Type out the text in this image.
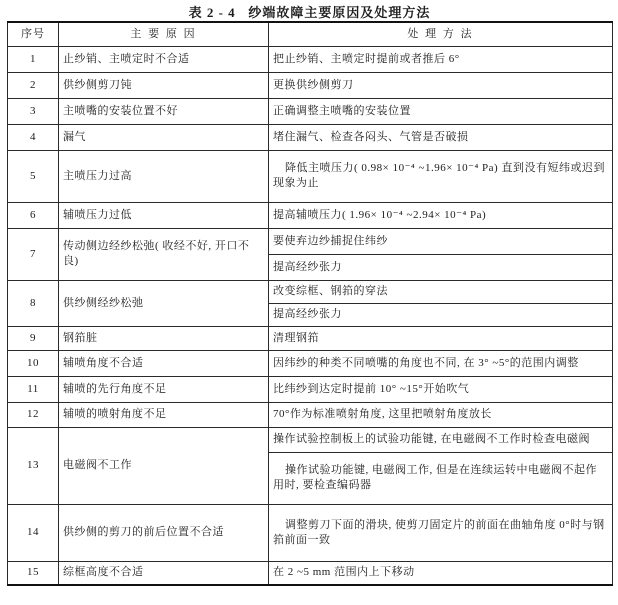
表 2 - 4   纱端故障主要原因及处理方法
序号	主 要 原 因	处 理 方 法
1	止纱销、主喷定时不合适	把止纱销、主喷定时提前或者推后 6°
2	供纱侧剪刀钝	更换供纱侧剪刀
3	主喷嘴的安装位置不好	正确调整主喷嘴的安装位置
4	漏气	堵住漏气、检查各闷头、气管是否破损
5	主喷压力过高	降低主喷压力( 0.98× 10⁻⁴ ~1.96× 10⁻⁴ Pa) 直到没有短纬或迟到现象为止
6	辅喷压力过低	提高辅喷压力( 1.96× 10⁻⁴ ~2.94× 10⁻⁴ Pa)
7	传动侧边经纱松弛( 收经不好, 开口不良)	要使弃边纱捕捉住纬纱
		提高经纱张力
8	供纱侧经纱松弛	改变综框、钢筘的穿法
		提高经纱张力
9	钢筘脏	清理钢筘
10	辅喷角度不合适	因纬纱的种类不同喷嘴的角度也不同, 在 3° ~5°的范围内调整
11	辅喷的先行角度不足	比纬纱到达定时提前 10° ~15°开始吹气
12	辅喷的喷射角度不足	70°作为标准喷射角度, 这里把喷射角度放长
13	电磁阀不工作	操作试验控制板上的试验功能键, 在电磁阀不工作时检查电磁阀
		操作试验功能键, 电磁阀工作, 但是在连续运转中电磁阀不起作用时, 要检查编码器
14	供纱侧的剪刀的前后位置不合适	调整剪刀下面的滑块, 使剪刀固定片的前面在曲轴角度 0°时与钢筘前面一致
15	综框高度不合适	在 2 ~5 mm 范围内上下移动
